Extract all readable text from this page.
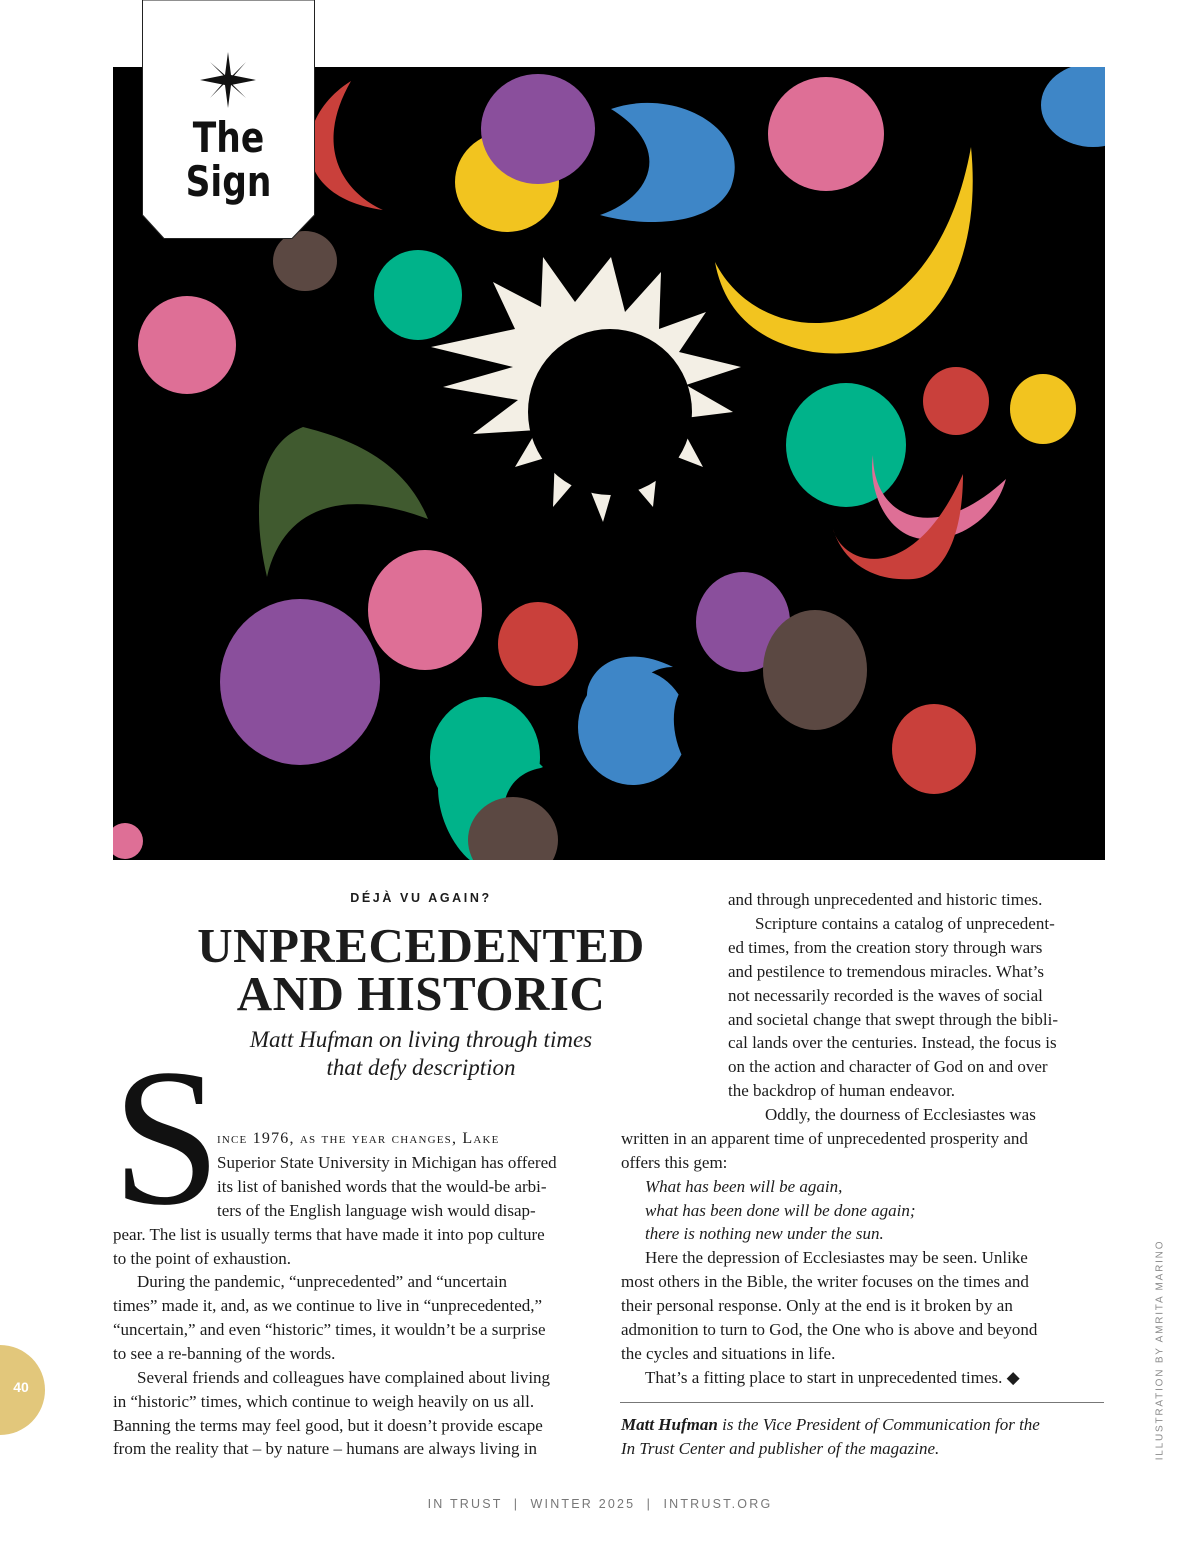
The
Sign
DÉJÀ VU AGAIN?
UNPRECEDENTED
AND HISTORIC
Matt Hufman on living through times
that defy description
S
ince 1976, as the year changes, Lake
Superior State University in Michigan has offered
its list of banished words that the would-be arbi-
ters of the English language wish would disap-
pear. The list is usually terms that have made it into pop culture
to the point of exhaustion.
During the pandemic, “unprecedented” and “uncertain
times” made it, and, as we continue to live in “unprecedented,”
“uncertain,” and even “historic” times, it wouldn’t be a surprise
to see a re-banning of the words.
Several friends and colleagues have complained about living
in “historic” times, which continue to weigh heavily on us all.
Banning the terms may feel good, but it doesn’t provide escape
from the reality that – by nature – humans are always living in
and through unprecedented and historic times.
Scripture contains a catalog of unprecedent-
ed times, from the creation story through wars
and pestilence to tremendous miracles. What’s
not necessarily recorded is the waves of social
and societal change that swept through the bibli-
cal lands over the centuries. Instead, the focus is
on the action and character of God on and over
the backdrop of human endeavor.
Oddly, the dourness of Ecclesiastes was
written in an apparent time of unprecedented prosperity and
offers this gem:
What has been will be again,
what has been done will be done again;
there is nothing new under the sun.
Here the depression of Ecclesiastes may be seen. Unlike
most others in the Bible, the writer focuses on the times and
their personal response. Only at the end is it broken by an
admonition to turn to God, the One who is above and beyond
the cycles and situations in life.
That’s a fitting place to start in unprecedented times. ◆
Matt Hufman is the Vice President of Communication for the
In Trust Center and publisher of the magazine.
40	ILLUSTRATION BY AMRITA MARINO
IN TRUST  |  WINTER 2025  |  INTRUST.ORG
